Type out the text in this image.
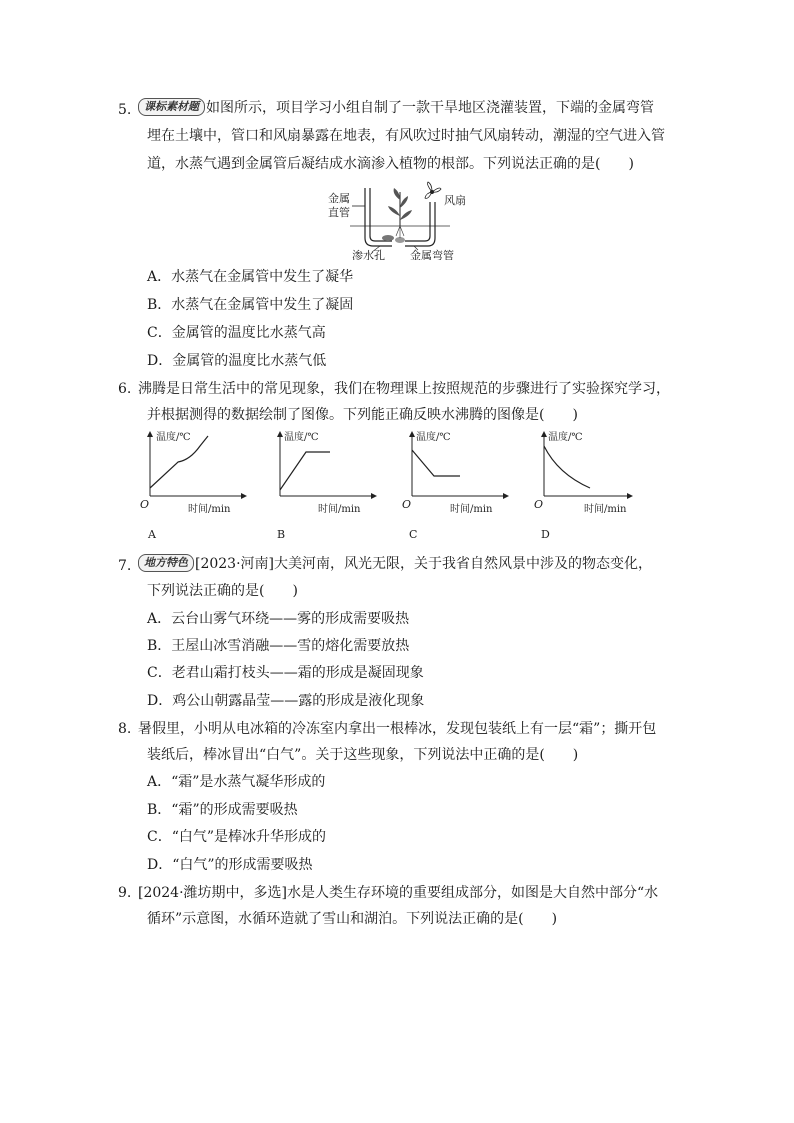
5.	课标素材题 如图所示，项目学习小组自制了一款干旱地区浇灌装置，下端的金属弯管
埋在土壤中，管口和风扇暴露在地表，有风吹过时抽气风扇转动，潮湿的空气进入管
道，水蒸气遇到金属管后凝结成水滴渗入植物的根部。下列说法正确的是(　　)
金属
直管
风扇
渗水孔 金属弯管
A．水蒸气在金属管中发生了凝华
B．水蒸气在金属管中发生了凝固
C．金属管的温度比水蒸气高
D．金属管的温度比水蒸气低
6. 沸腾是日常生活中的常见现象，我们在物理课上按照规范的步骤进行了实验探究学习，
并根据测得的数据绘制了图像。下列能正确反映水沸腾的图像是(　　)
温度/℃
O	时间/min
A
温度/℃
时间/min
B
温度/℃
O	时间/min
C
温度/℃
O	时间/min
D
7.	地方特色 [2023·河南]大美河南，风光无限，关于我省自然风景中涉及的物态变化，
下列说法正确的是(　　)
A．云台山雾气环绕——雾的形成需要吸热
B．王屋山冰雪消融——雪的熔化需要放热
C．老君山霜打枝头——霜的形成是凝固现象
D．鸡公山朝露晶莹——露的形成是液化现象
8. 暑假里，小明从电冰箱的冷冻室内拿出一根棒冰，发现包装纸上有一层“霜”；撕开包
装纸后，棒冰冒出“白气”。关于这些现象，下列说法中正确的是(　　)
A．“霜”是水蒸气凝华形成的
B．“霜”的形成需要吸热
C．“白气”是棒冰升华形成的
D．“白气”的形成需要吸热
9. [2024·潍坊期中，多选]水是人类生存环境的重要组成部分，如图是大自然中部分“水
循环”示意图，水循环造就了雪山和湖泊。下列说法正确的是(　　)
